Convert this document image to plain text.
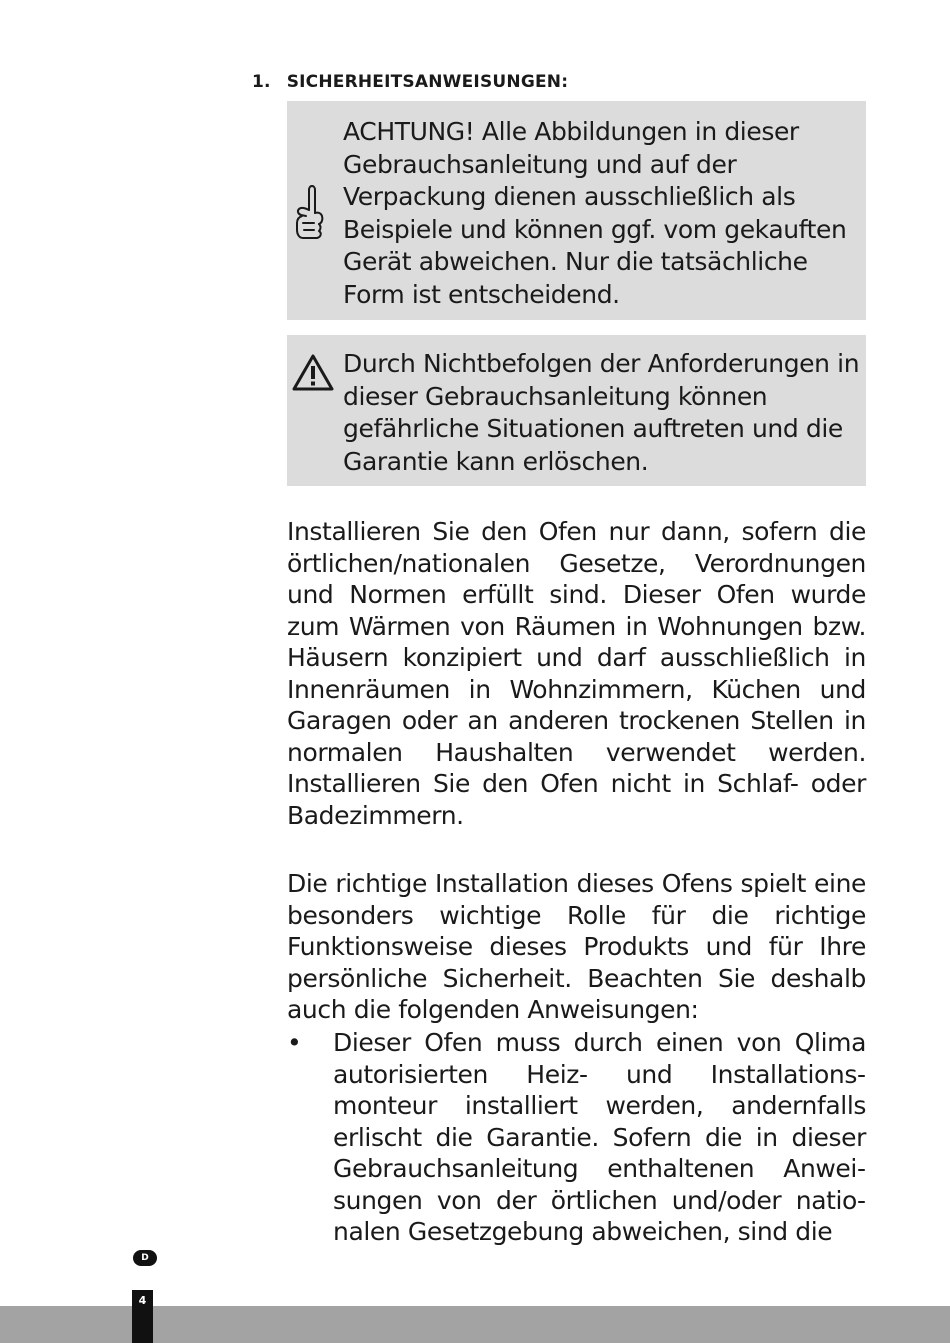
1. SICHERHEITSANWEISUNGEN:
ACHTUNG! Alle Abbildungen in dieser Gebrauchsanleitung und auf der Verpackung dienen ausschließlich als Beispiele und können ggf. vom gekauften Gerät abweichen. Nur die tatsächliche Form ist entscheidend.
Durch Nichtbefolgen der Anforderungen in dieser Gebrauchsanleitung können gefährliche Situationen auftreten und die Garantie kann erlöschen.

Installieren Sie den Ofen nur dann, sofern die örtlichen/nationalen Gesetze, Verordnungen und Normen erfüllt sind. Dieser Ofen wurde zum Wärmen von Räumen in Wohnungen bzw. Häusern konzipiert und darf ausschließlich in Innenräumen in Wohnzimmern, Küchen und Garagen oder an anderen trockenen Stellen in normalen Haushalten verwendet werden. Installieren Sie den Ofen nicht in Schlaf- oder Badezimmern.

Die richtige Installation dieses Ofens spielt eine besonders wichtige Rolle für die richtige Funktionsweise dieses Produkts und für Ihre persönliche Sicherheit. Beachten Sie deshalb auch die folgenden Anweisungen:

• Dieser Ofen muss durch einen von Qlima autorisierten Heiz- und Installationsmonteur installiert werden, andernfalls erlischt die Garantie. Sofern die in dieser Gebrauchsanleitung enthaltenen Anweisungen von der örtlichen und/oder nationalen Gesetzgebung abweichen, sind die
D
4
